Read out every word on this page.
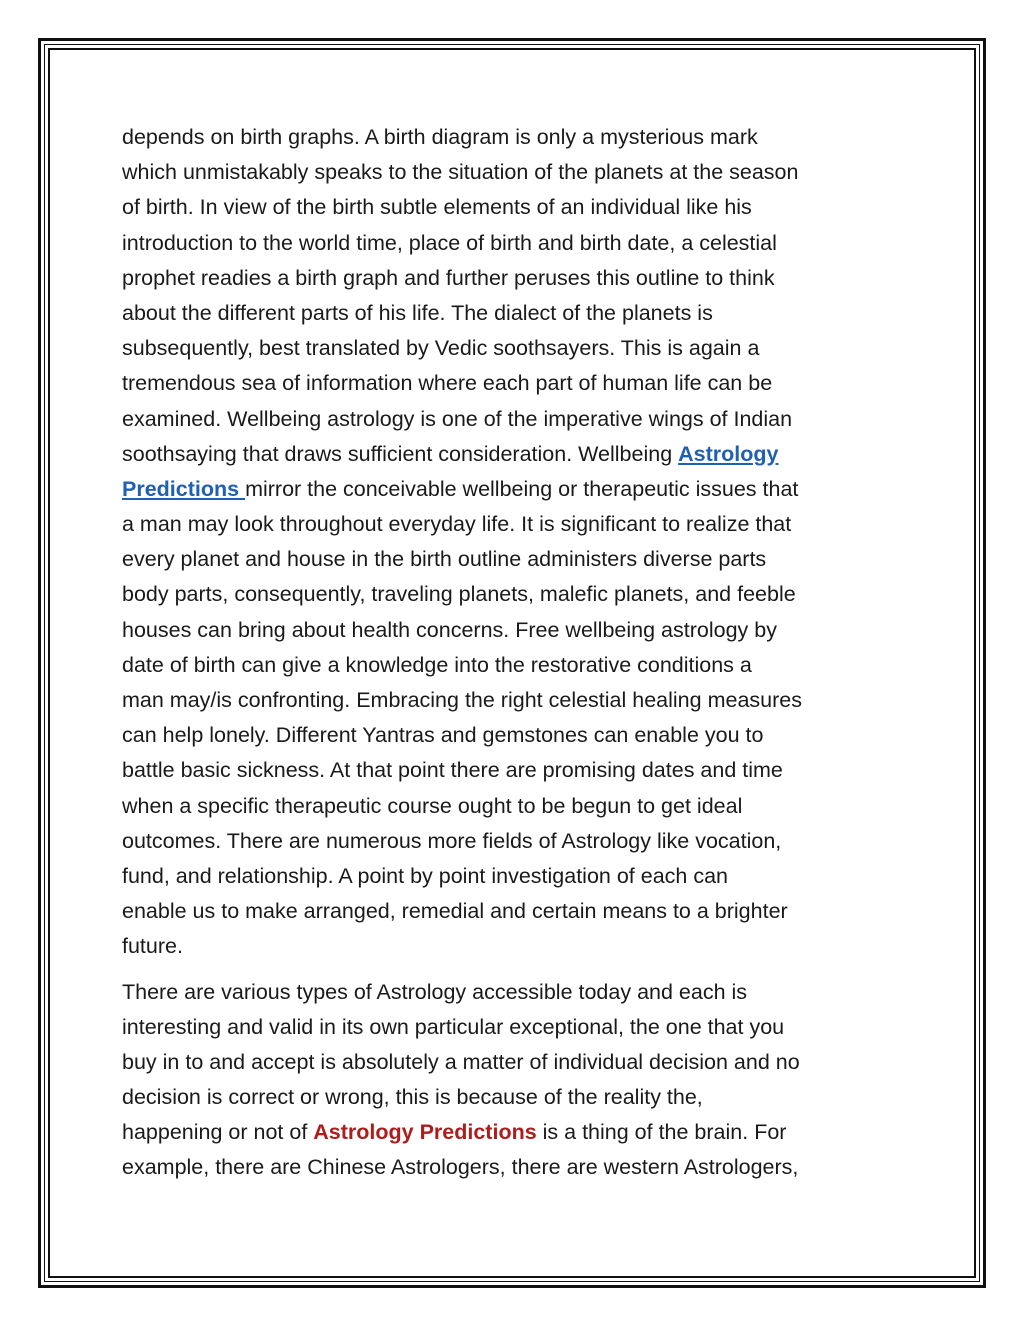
depends on birth graphs. A birth diagram is only a mysterious mark
which unmistakably speaks to the situation of the planets at the season
of birth. In view of the birth subtle elements of an individual like his
introduction to the world time, place of birth and birth date, a celestial
prophet readies a birth graph and further peruses this outline to think
about the different parts of his life. The dialect of the planets is
subsequently, best translated by Vedic soothsayers. This is again a
tremendous sea of information where each part of human life can be
examined. Wellbeing astrology is one of the imperative wings of Indian
soothsaying that draws sufficient consideration. Wellbeing Astrology
Predictions mirror the conceivable wellbeing or therapeutic issues that
a man may look throughout everyday life. It is significant to realize that
every planet and house in the birth outline administers diverse parts
body parts, consequently, traveling planets, malefic planets, and feeble
houses can bring about health concerns. Free wellbeing astrology by
date of birth can give a knowledge into the restorative conditions a
man may/is confronting. Embracing the right celestial healing measures
can help lonely. Different Yantras and gemstones can enable you to
battle basic sickness. At that point there are promising dates and time
when a specific therapeutic course ought to be begun to get ideal
outcomes. There are numerous more fields of Astrology like vocation,
fund, and relationship. A point by point investigation of each can
enable us to make arranged, remedial and certain means to a brighter
future.

There are various types of Astrology accessible today and each is
interesting and valid in its own particular exceptional, the one that you
buy in to and accept is absolutely a matter of individual decision and no
decision is correct or wrong, this is because of the reality the,
happening or not of Astrology Predictions is a thing of the brain. For
example, there are Chinese Astrologers, there are western Astrologers,
